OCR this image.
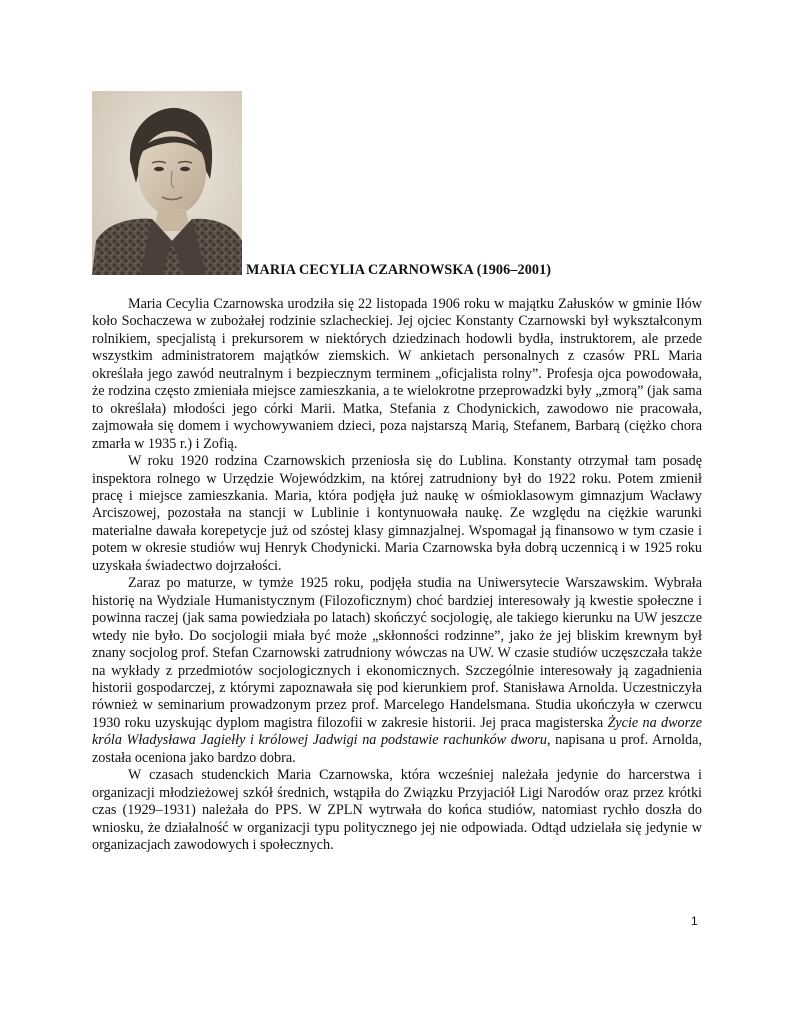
MARIA CECYLIA CZARNOWSKA (1906–2001)

Maria Cecylia Czarnowska urodziła się 22 listopada 1906 roku w majątku Załusków w gminie Iłów koło Sochaczewa w zubożałej rodzinie szlacheckiej. Jej ojciec Konstanty Czarnowski był wykształconym rolnikiem, specjalistą i prekursorem w niektórych dziedzinach hodowli bydła, instruktorem, ale przede wszystkim administratorem majątków ziemskich. W ankietach personalnych z czasów PRL Maria określała jego zawód neutralnym i bezpiecznym terminem „oficjalista rolny”. Profesja ojca powodowała, że rodzina często zmieniała miejsce zamieszkania, a te wielokrotne przeprowadzki były „zmorą” (jak sama to określała) młodości jego córki Marii. Matka, Stefania z Chodynickich, zawodowo nie pracowała, zajmowała się domem i wychowywaniem dzieci, poza najstarszą Marią, Stefanem, Barbarą (ciężko chora zmarła w 1935 r.) i Zofią.

W roku 1920 rodzina Czarnowskich przeniosła się do Lublina. Konstanty otrzymał tam posadę inspektora rolnego w Urzędzie Wojewódzkim, na której zatrudniony był do 1922 roku. Potem zmienił pracę i miejsce zamieszkania. Maria, która podjęła już naukę w ośmioklasowym gimnazjum Wacławy Arciszowej, pozostała na stancji w Lublinie i kontynuowała naukę. Ze względu na ciężkie warunki materialne dawała korepetycje już od szóstej klasy gimnazjalnej. Wspomagał ją finansowo w tym czasie i potem w okresie studiów wuj Henryk Chodynicki. Maria Czarnowska była dobrą uczennicą i w 1925 roku uzyskała świadectwo dojrzałości.

Zaraz po maturze, w tymże 1925 roku, podjęła studia na Uniwersytecie Warszawskim. Wybrała historię na Wydziale Humanistycznym (Filozoficznym) choć bardziej interesowały ją kwestie społeczne i powinna raczej (jak sama powiedziała po latach) skończyć socjologię, ale takiego kierunku na UW jeszcze wtedy nie było. Do socjologii miała być może „skłonności rodzinne”, jako że jej bliskim krewnym był znany socjolog prof. Stefan Czarnowski zatrudniony wówczas na UW. W czasie studiów uczęszczała także na wykłady z przedmiotów socjologicznych i ekonomicznych. Szczególnie interesowały ją zagadnienia historii gospodarczej, z którymi zapoznawała się pod kierunkiem prof. Stanisława Arnolda. Uczestniczyła również w seminarium prowadzonym przez prof. Marcelego Handelsmana. Studia ukończyła w czerwcu 1930 roku uzyskując dyplom magistra filozofii w zakresie historii. Jej praca magisterska Życie na dworze króla Władysława Jagiełły i królowej Jadwigi na podstawie rachunków dworu, napisana u prof. Arnolda, została oceniona jako bardzo dobra.

W czasach studenckich Maria Czarnowska, która wcześniej należała jedynie do harcerstwa i organizacji młodzieżowej szkół średnich, wstąpiła do Związku Przyjaciół Ligi Narodów oraz przez krótki czas (1929–1931) należała do PPS. W ZPLN wytrwała do końca studiów, natomiast rychło doszła do wniosku, że działalność w organizacji typu politycznego jej nie odpowiada. Odtąd udzielała się jedynie w organizacjach zawodowych i społecznych.

1
